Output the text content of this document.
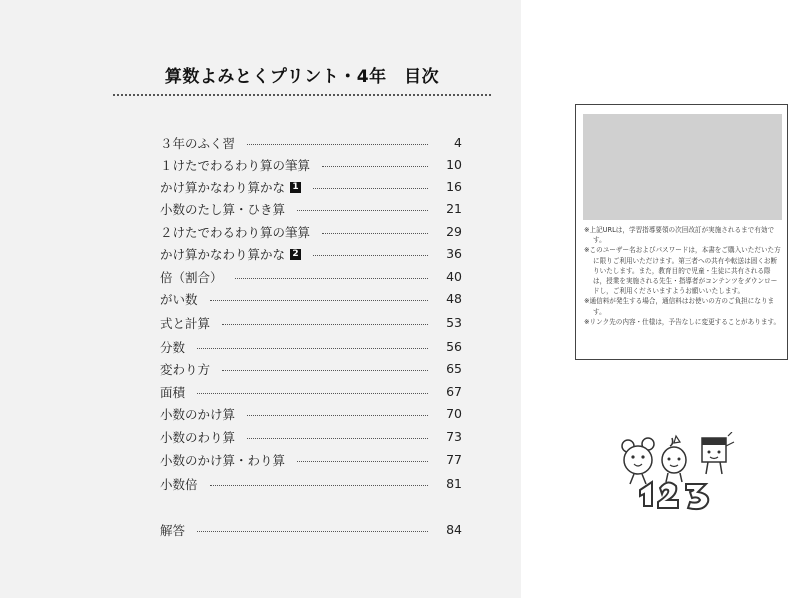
算数よみとくプリント・4年　目次
３年のふく習	4
１けたでわるわり算の筆算	10
かけ算かなわり算かな 1	16
小数のたし算・ひき算	21
２けたでわるわり算の筆算	29
かけ算かなわり算かな 2	36
倍（割合）	40
がい数	48
式と計算	53
分数	56
変わり方	65
面積	67
小数のかけ算	70
小数のわり算	73
小数のかけ算・わり算	77
小数倍	81
解答	84
※上記URLは，学習指導要領の次回改訂が実施されるまで有効です。
※このユーザー名およびパスワードは，本書をご購入いただいた方に限りご利用いただけます。第三者への共有や転送は固くお断りいたします。また，教育目的で児童・生徒に共有される際は，授業を実施される先生・指導者がコンテンツをダウンロードし，ご利用くださいますようお願いいたします。
※通信料が発生する場合，通信料はお使いの方のご負担になります。
※リンク先の内容・仕様は，予告なしに変更することがあります。
